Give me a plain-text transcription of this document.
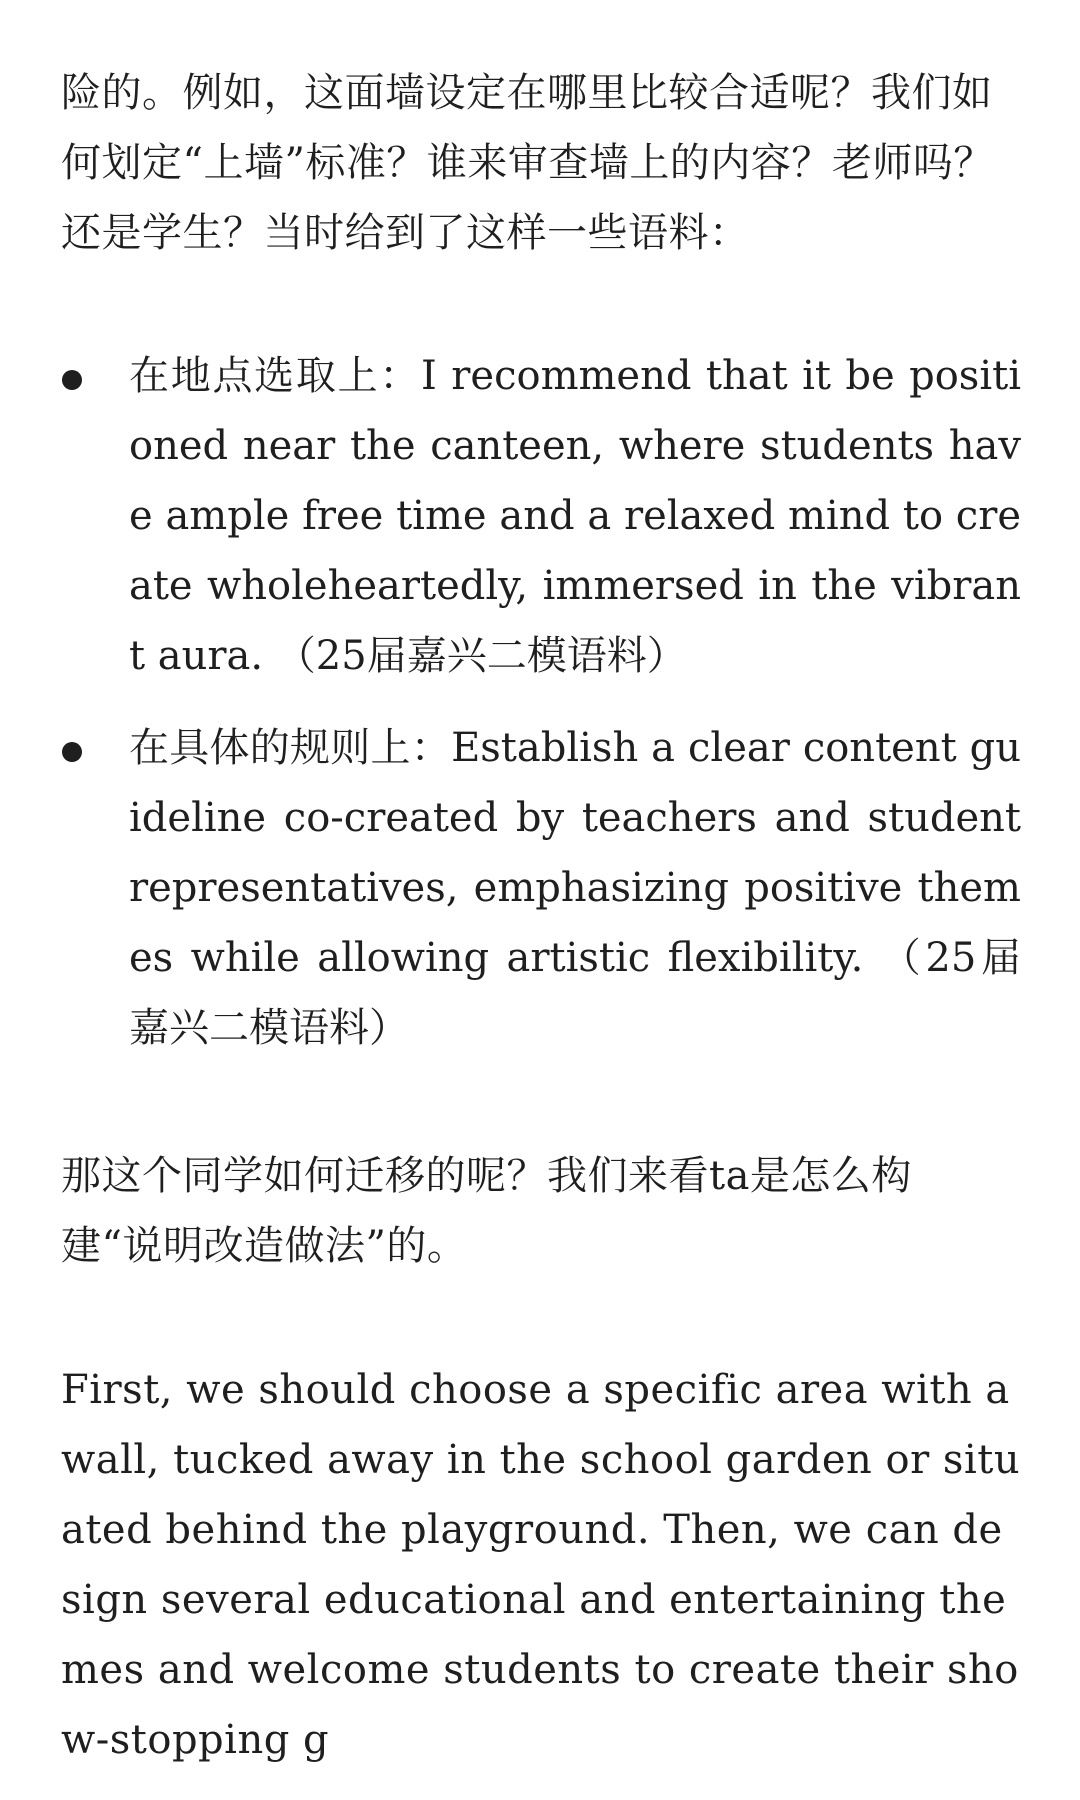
险的。例如，这面墙设定在哪里比较合适呢？我们如何划定“上墙”标准？谁来审查墙上的内容？老师吗？还是学生？当时给到了这样一些语料：

在地点选取上：I recommend that it be positioned near the canteen, where students have ample free time and a relaxed mind to create wholeheartedly, immersed in the vibrant aura. （25届嘉兴二模语料）

在具体的规则上：Establish a clear content guideline co-created by teachers and student representatives, emphasizing positive themes while allowing artistic flexibility. （25届嘉兴二模语料）

那这个同学如何迁移的呢？我们来看ta是怎么构建“说明改造做法”的。

First, we should choose a specific area with a wall, tucked away in the school garden or situated behind the playground. Then, we can design several educational and entertaining themes and welcome students to create their show-stopping g
